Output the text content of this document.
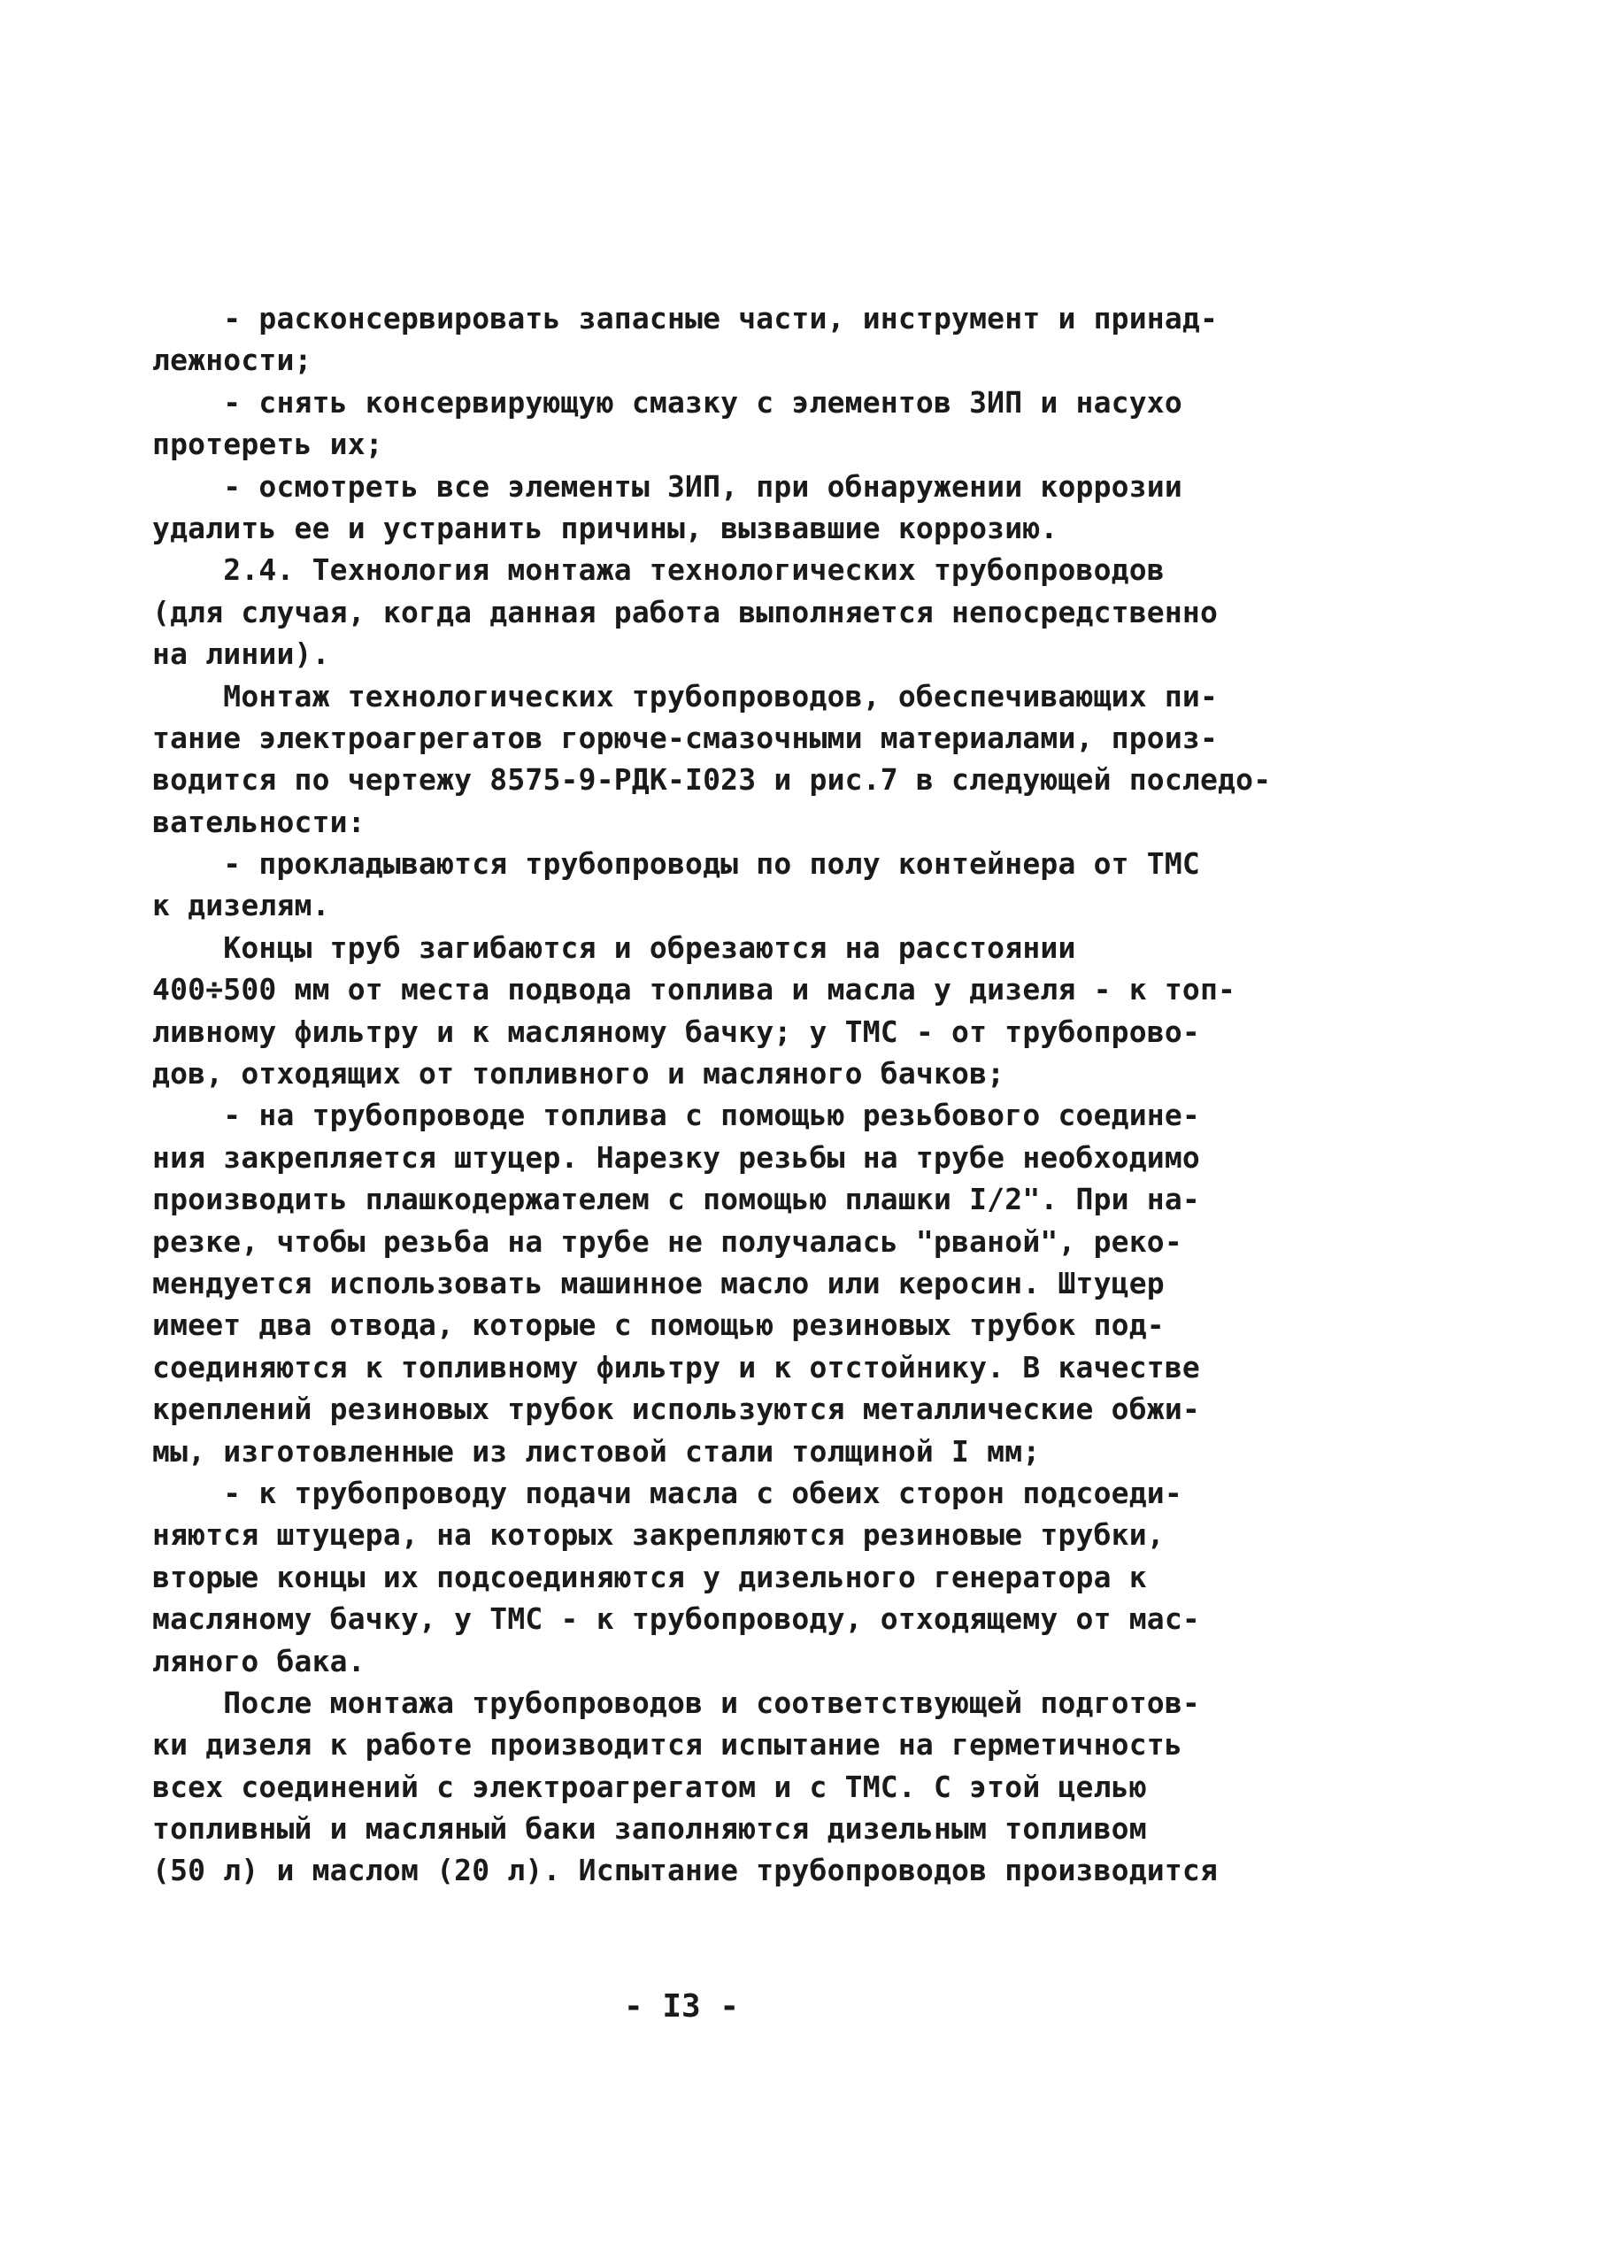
- расконсервировать запасные части, инструмент и принад-
лежности;
- снять консервирующую смазку с элементов ЗИП и насухо
протереть их;
- осмотреть все элементы ЗИП, при обнаружении коррозии
удалить ее и устранить причины, вызвавшие коррозию.
2.4. Технология монтажа технологических трубопроводов
(для случая, когда данная работа выполняется непосредственно
на линии).
Монтаж технологических трубопроводов, обеспечивающих пи-
тание электроагрегатов горюче-смазочными материалами, произ-
водится по чертежу 8575-9-РДК-I023 и рис.7 в следующей последо-
вательности:
- прокладываются трубопроводы по полу контейнера от ТМС
к дизелям.
Концы труб загибаются и обрезаются на расстоянии
400÷500 мм от места подвода топлива и масла у дизеля - к топ-
ливному фильтру и к масляному бачку; у ТМС - от трубопрово-
дов, отходящих от топливного и масляного бачков;
- на трубопроводе топлива с помощью резьбового соедине-
ния закрепляется штуцер. Нарезку резьбы на трубе необходимо
производить плашкодержателем с помощью плашки I/2". При на-
резке, чтобы резьба на трубе не получалась "рваной", реко-
мендуется использовать машинное масло или керосин. Штуцер
имеет два отвода, которые с помощью резиновых трубок под-
соединяются к топливному фильтру и к отстойнику. В качестве
креплений резиновых трубок используются металлические обжи-
мы, изготовленные из листовой стали толщиной I мм;
- к трубопроводу подачи масла с обеих сторон подсоеди-
няются штуцера, на которых закрепляются резиновые трубки,
вторые концы их подсоединяются у дизельного генератора к
масляному бачку, у ТМС - к трубопроводу, отходящему от мас-
ляного бака.
После монтажа трубопроводов и соответствующей подготов-
ки дизеля к работе производится испытание на герметичность
всех соединений с электроагрегатом и с ТМС. С этой целью
топливный и масляный баки заполняются дизельным топливом
(50 л) и маслом (20 л). Испытание трубопроводов производится
- I3 -
